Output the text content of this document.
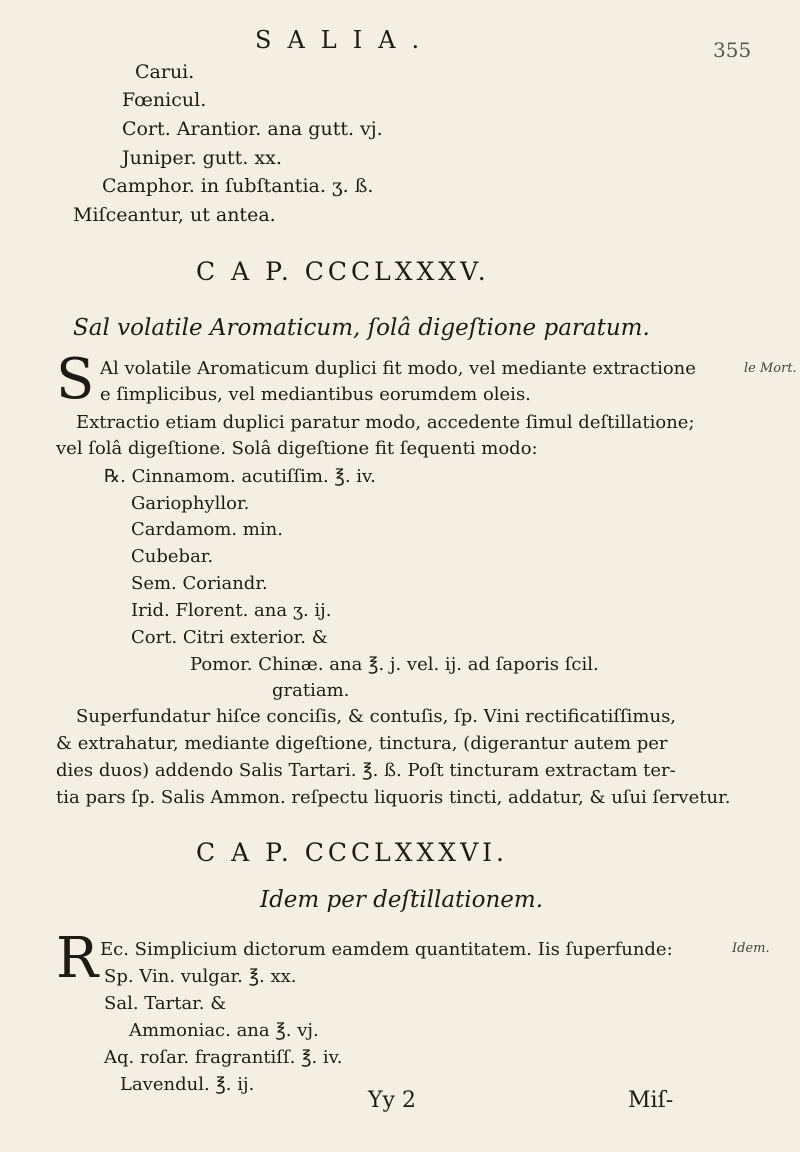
SALIA.	355
Carui.
Fœnicul.
Cort. Arantior. ana gutt. vj.
Juniper. gutt. xx.
Camphor. in ſubſtantia. ʒ. ß.
Miſceantur, ut antea.
C A P. CCCLXXXV.
Sal volatile Aromaticum, ſolâ digeſtione paratum.
S Al volatile Aromaticum duplici fit modo, vel mediante extractione	le Mort.
e ſimplicibus, vel mediantibus eorumdem oleis.
Extractio etiam duplici paratur modo, accedente ſimul deſtillatione;
vel ſolâ digeſtione. Solâ digeſtione fit ſequenti modo:
℞. Cinnamom. acutiſſim. ℥. iv.
Gariophyllor.
Cardamom. min.
Cubebar.
Sem. Coriandr.
Irid. Florent. ana ʒ. ij.
Cort. Citri exterior. &
Pomor. Chinæ. ana ℥. j. vel. ij. ad ſaporis ſcil.
gratiam.
Superfundatur hiſce conciſis, & contuſis, ſp. Vini rectificatiſſimus,
& extrahatur, mediante digeſtione, tinctura, (digerantur autem per
dies duos) addendo Salis Tartari. ℥. ß. Poſt tincturam extractam ter-
tia pars ſp. Salis Ammon. reſpectu liquoris tincti, addatur, & uſui ſervetur.
C A P. CCCLXXXVI.
Idem per deſtillationem.
R Ec. Simplicium dictorum eamdem quantitatem. Iis ſuperfunde:	Idem.
Sp. Vin. vulgar. ℥. xx.
Sal. Tartar. &
Ammoniac. ana ℥. vj.
Aq. roſar. fragrantiſſ. ℥. iv.
Lavendul. ℥. ij.
Yy 2	Miſ-
